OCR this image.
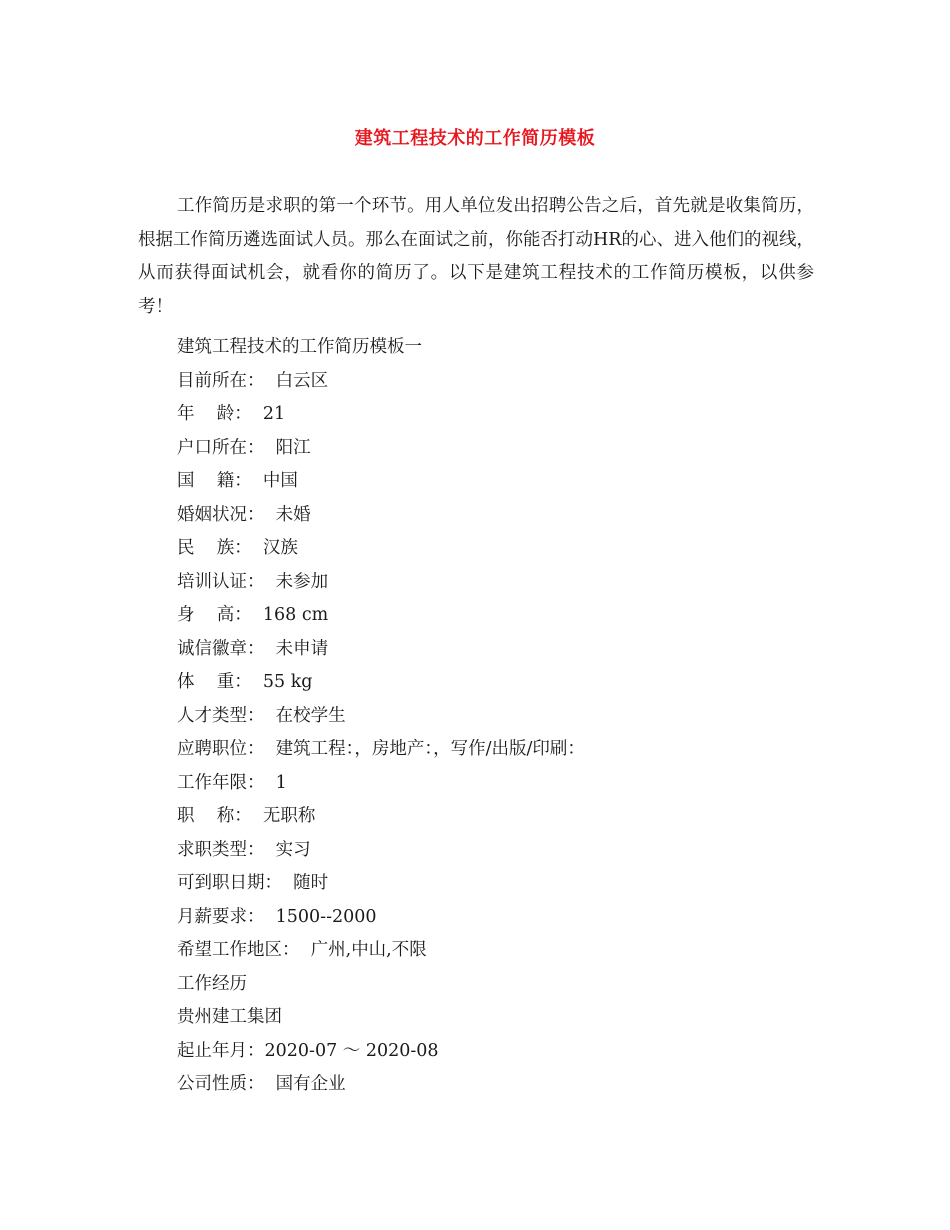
建筑工程技术的工作简历模板

工作简历是求职的第一个环节。用人单位发出招聘公告之后，首先就是收集简历，根据工作简历遴选面试人员。那么在面试之前，你能否打动HR的心、进入他们的视线，从而获得面试机会，就看你的简历了。以下是建筑工程技术的工作简历模板，以供参考！

建筑工程技术的工作简历模板一
目前所在：  白云区
年    龄：  21
户口所在：  阳江
国    籍：  中国
婚姻状况：  未婚
民    族：  汉族
培训认证：  未参加
身    高：  168 cm
诚信徽章：  未申请
体    重：  55 kg
人才类型：  在校学生
应聘职位：  建筑工程：，房地产：，写作/出版/印刷：
工作年限：  1
职    称：  无职称
求职类型：  实习
可到职日期：  随时
月薪要求：  1500--2000
希望工作地区：  广州,中山,不限
工作经历
贵州建工集团
起止年月：2020-07 ～ 2020-08
公司性质：  国有企业
